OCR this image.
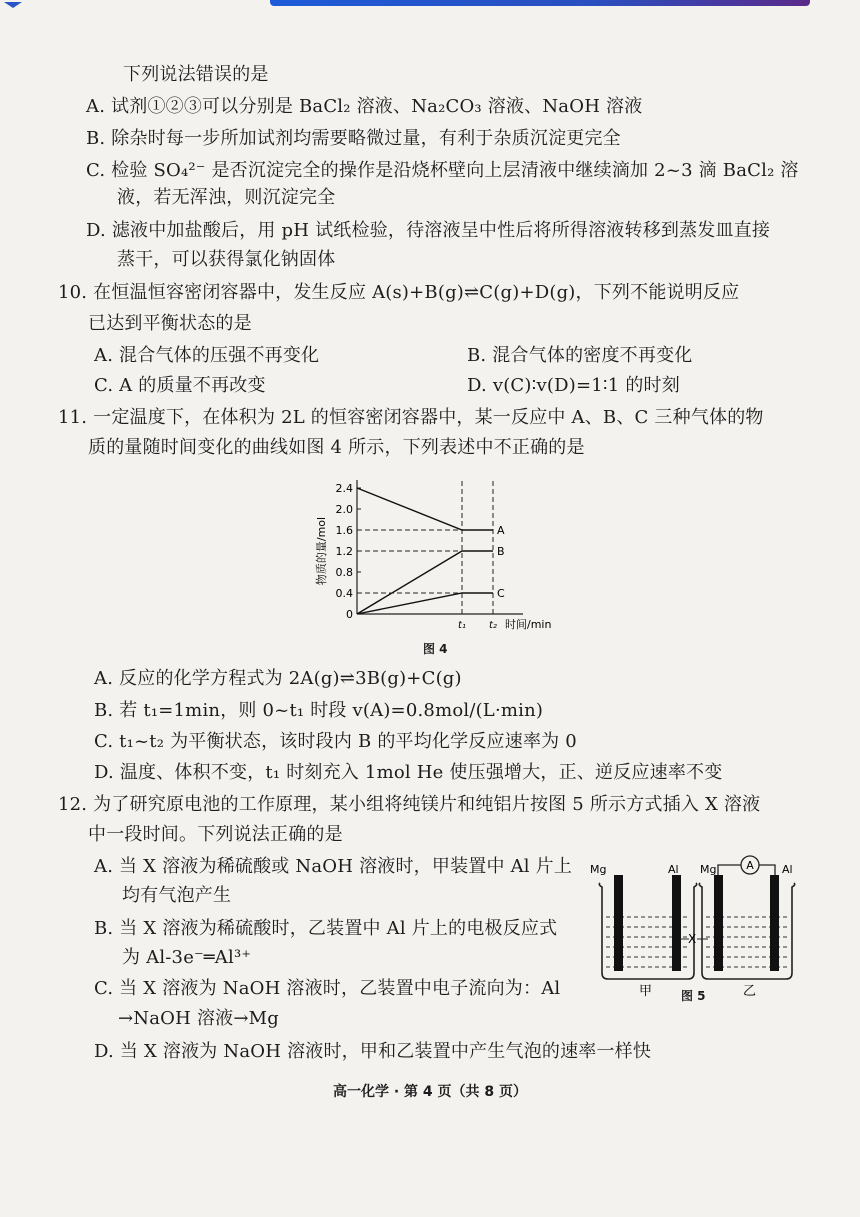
下列说法错误的是
A. 试剂①②③可以分别是 BaCl₂ 溶液、Na₂CO₃ 溶液、NaOH 溶液
B. 除杂时每一步所加试剂均需要略微过量，有利于杂质沉淀更完全
C. 检验 SO₄²⁻ 是否沉淀完全的操作是沿烧杯壁向上层清液中继续滴加 2~3 滴 BaCl₂ 溶
液，若无浑浊，则沉淀完全
D. 滤液中加盐酸后，用 pH 试纸检验，待溶液呈中性后将所得溶液转移到蒸发皿直接
蒸干，可以获得氯化钠固体
10. 在恒温恒容密闭容器中，发生反应 A(s)+B(g)⇌C(g)+D(g)，下列不能说明反应
已达到平衡状态的是
A. 混合气体的压强不再变化	B. 混合气体的密度不再变化
C. A 的质量不再改变	D. v(C)∶v(D)=1∶1 的时刻
11. 一定温度下，在体积为 2L 的恒容密闭容器中，某一反应中 A、B、C 三种气体的物
质的量随时间变化的曲线如图 4 所示，下列表述中不正确的是
0
0.4
0.8
1.2
1.6
2.0
2.4
物质的量/mol
t₁ t₂ 时间/min
A
B
C
图 4
A. 反应的化学方程式为 2A(g)⇌3B(g)+C(g)
B. 若 t₁=1min，则 0~t₁ 时段 v(A)=0.8mol/(L·min)
C. t₁~t₂ 为平衡状态，该时段内 B 的平均化学反应速率为 0
D. 温度、体积不变，t₁ 时刻充入 1mol He 使压强增大，正、逆反应速率不变
12. 为了研究原电池的工作原理，某小组将纯镁片和纯铝片按图 5 所示方式插入 X 溶液
中一段时间。下列说法正确的是
A. 当 X 溶液为稀硫酸或 NaOH 溶液时，甲装置中 Al 片上
均有气泡产生
B. 当 X 溶液为稀硫酸时，乙装置中 Al 片上的电极反应式
为 Al-3e⁻═Al³⁺
C. 当 X 溶液为 NaOH 溶液时，乙装置中电子流向为：Al
→NaOH 溶液→Mg
D. 当 X 溶液为 NaOH 溶液时，甲和乙装置中产生气泡的速率一样快
A
Mg	Al Mg	Al
X
甲	乙
图 5
高一化学 · 第 4 页（共 8 页）
